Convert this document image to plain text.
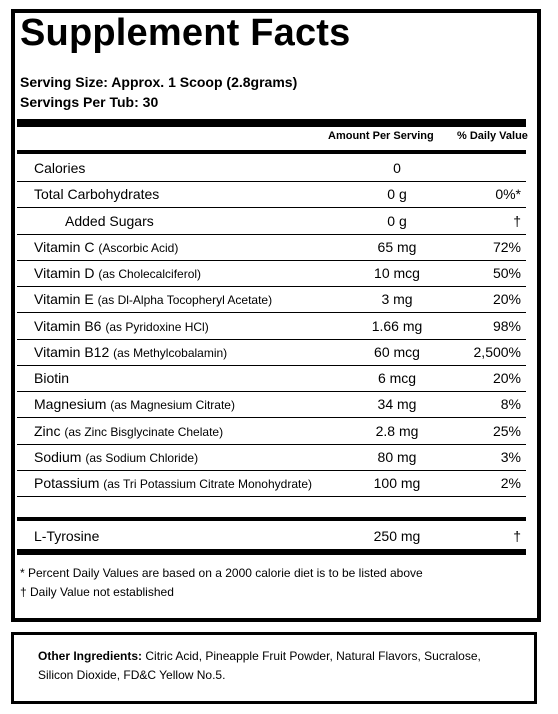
Supplement Facts
Serving Size: Approx. 1 Scoop (2.8grams)
Servings Per Tub: 30
Amount Per Serving % Daily Value
Calories	0
Total Carbohydrates	0 g	0%*
Added Sugars	0 g	†
Vitamin C (Ascorbic Acid)	65 mg	72%
Vitamin D (as Cholecalciferol)	10 mcg	50%
Vitamin E (as Dl-Alpha Tocopheryl Acetate)	3 mg	20%
Vitamin B6 (as Pyridoxine HCl)	1.66 mg	98%
Vitamin B12 (as Methylcobalamin)	60 mcg	2,500%
Biotin	6 mcg	20%
Magnesium (as Magnesium Citrate)	34 mg	8%
Zinc (as Zinc Bisglycinate Chelate)	2.8 mg	25%
Sodium (as Sodium Chloride)	80 mg	3%
Potassium (as Tri Potassium Citrate Monohydrate)	100 mg	2%
L-Tyrosine	250 mg	†
* Percent Daily Values are based on a 2000 calorie diet is to be listed above
† Daily Value not established
Other Ingredients: Citric Acid, Pineapple Fruit Powder, Natural Flavors, Sucralose, Silicon Dioxide, FD&C Yellow No.5.
